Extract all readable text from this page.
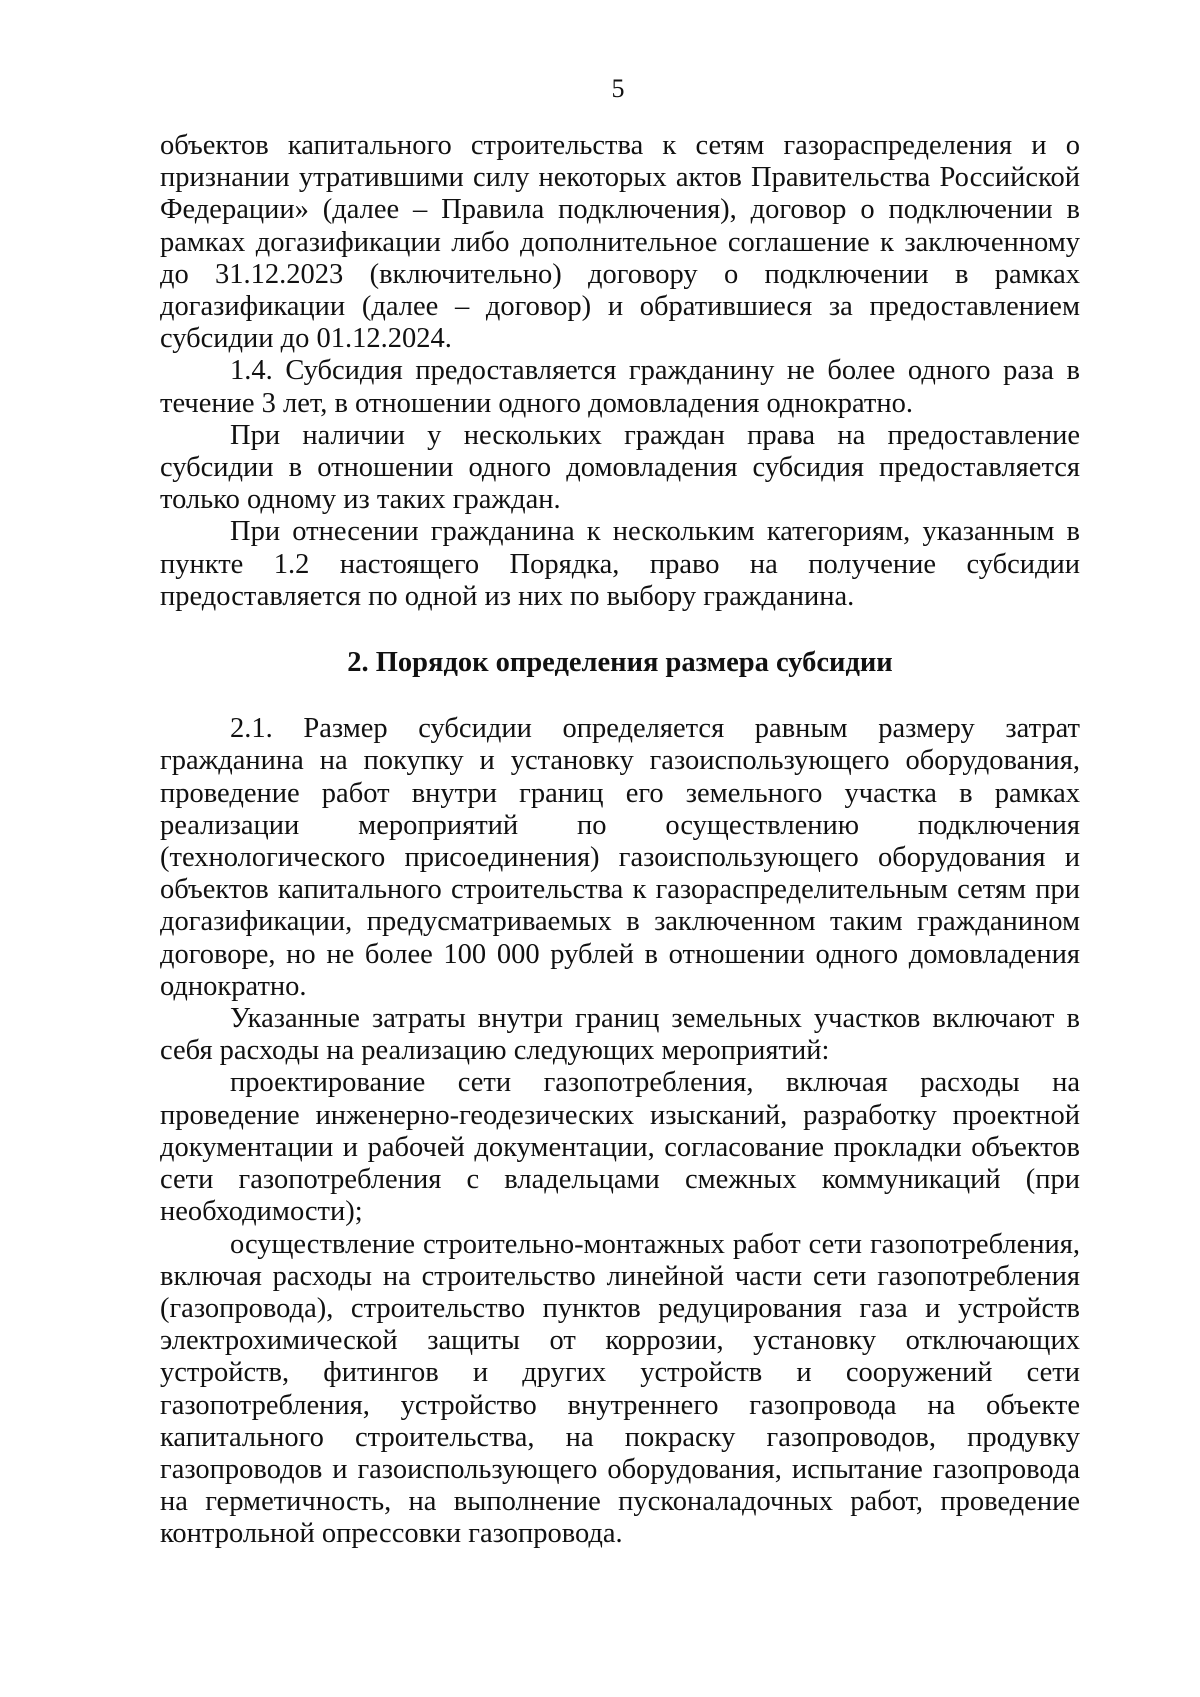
5

объектов капитального строительства к сетям газораспределения и о признании утратившими силу некоторых актов Правительства Российской Федерации» (далее – Правила подключения), договор о подключении в рамках догазификации либо дополнительное соглашение к заключенному до 31.12.2023 (включительно) договору о подключении в рамках догазификации (далее – договор) и обратившиеся за предоставлением субсидии до 01.12.2024.

1.4. Субсидия предоставляется гражданину не более одного раза в течение 3 лет, в отношении одного домовладения однократно.

При наличии у нескольких граждан права на предоставление субсидии в отношении одного домовладения субсидия предоставляется только одному из таких граждан.

При отнесении гражданина к нескольким категориям, указанным в пункте 1.2 настоящего Порядка, право на получение субсидии предоставляется по одной из них по выбору гражданина.

2. Порядок определения размера субсидии

2.1. Размер субсидии определяется равным размеру затрат гражданина на покупку и установку газоиспользующего оборудования, проведение работ внутри границ его земельного участка в рамках реализации мероприятий по осуществлению подключения (технологического присоединения) газоиспользующего оборудования и объектов капитального строительства к газораспределительным сетям при догазификации, предусматриваемых в заключенном таким гражданином договоре, но не более 100 000 рублей в отношении одного домовладения однократно.

Указанные затраты внутри границ земельных участков включают в себя расходы на реализацию следующих мероприятий:

проектирование сети газопотребления, включая расходы на проведение инженерно-геодезических изысканий, разработку проектной документации и рабочей документации, согласование прокладки объектов сети газопотребления с владельцами смежных коммуникаций (при необходимости);

осуществление строительно-монтажных работ сети газопотребления, включая расходы на строительство линейной части сети газопотребления (газопровода), строительство пунктов редуцирования газа и устройств электрохимической защиты от коррозии, установку отключающих устройств, фитингов и других устройств и сооружений сети газопотребления, устройство внутреннего газопровода на объекте капитального строительства, на покраску газопроводов, продувку газопроводов и газоиспользующего оборудования, испытание газопровода на герметичность, на выполнение пусконаладочных работ, проведение контрольной опрессовки газопровода.
